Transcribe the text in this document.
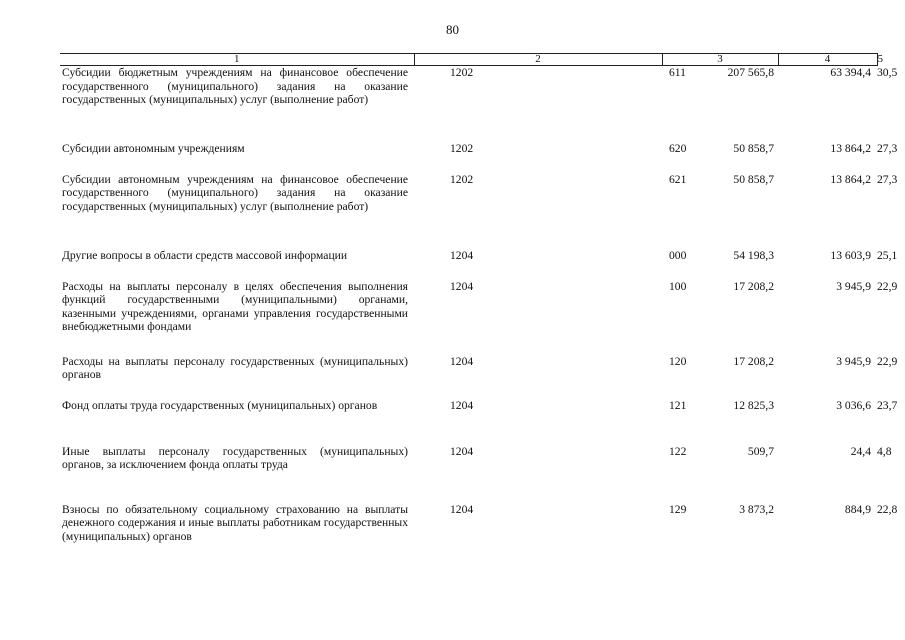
80
1	2		3	4	5
Субсидии бюджетным учреждениям на финансовое обеспечение государственного (муниципального) задания на оказание государственных (муниципальных) услуг (выполнение работ)	1202	611	207 565,8	63 394,4	30,5
Субсидии автономным учреждениям	1202	620	50 858,7	13 864,2	27,3
Субсидии автономным учреждениям на финансовое обеспечение государственного (муниципального) задания на оказание государственных (муниципальных) услуг (выполнение работ)	1202	621	50 858,7	13 864,2	27,3
Другие вопросы в области средств массовой информации	1204	000	54 198,3	13 603,9	25,1
Расходы на выплаты персоналу в целях обеспечения выполнения функций государственными (муниципальными) органами, казенными учреждениями, органами управления государственными внебюджетными фондами	1204	100	17 208,2	3 945,9	22,9
Расходы на выплаты персоналу государственных (муниципальных) органов	1204	120	17 208,2	3 945,9	22,9
Фонд оплаты труда государственных (муниципальных) органов	1204	121	12 825,3	3 036,6	23,7
Иные выплаты персоналу государственных (муниципальных) органов, за исключением фонда оплаты труда	1204	122	509,7	24,4	4,8
Взносы по обязательному социальному страхованию на выплаты денежного содержания и иные выплаты работникам государственных (муниципальных) органов	1204	129	3 873,2	884,9	22,8
